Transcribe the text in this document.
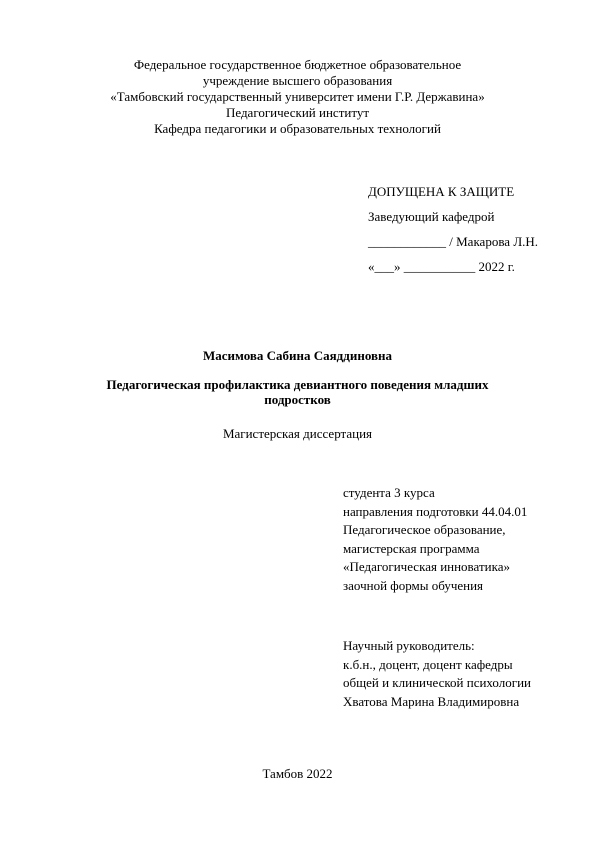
Федеральное государственное бюджетное образовательное
учреждение высшего образования
«Тамбовский государственный университет имени Г.Р. Державина»
Педагогический институт
Кафедра педагогики и образовательных технологий
ДОПУЩЕНА К ЗАЩИТЕ
Заведующий кафедрой
____________ / Макарова Л.Н.
«___» ___________ 2022 г.
Масимова Сабина Саяддиновна
Педагогическая профилактика девиантного поведения младших подростков
Магистерская диссертация
студента 3 курса
направления подготовки 44.04.01
Педагогическое образование,
магистерская программа
«Педагогическая инноватика»
заочной формы обучения
Научный руководитель:
к.б.н., доцент, доцент кафедры
общей и клинической психологии
Хватова Марина Владимировна
Тамбов 2022
